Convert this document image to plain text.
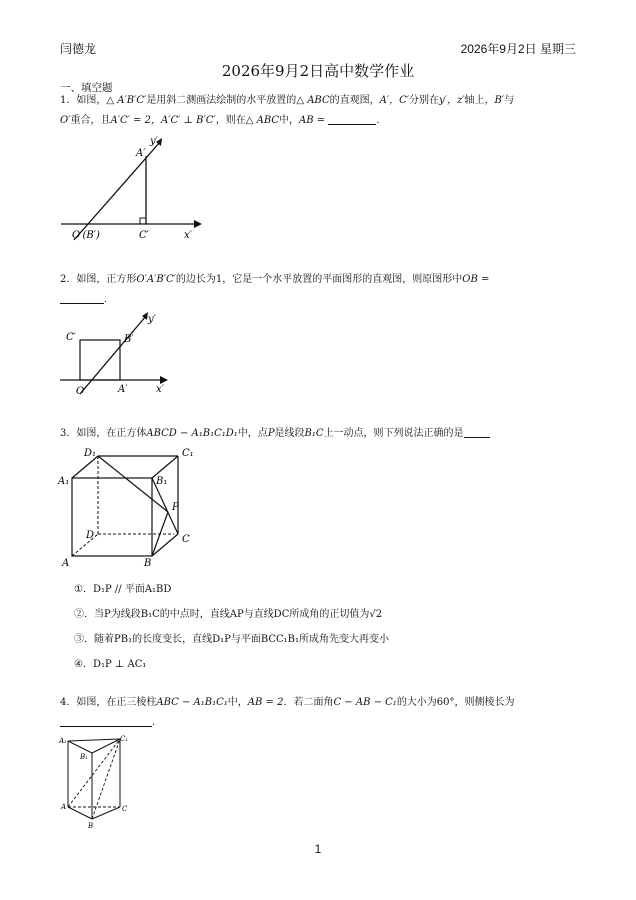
闫德龙	2026年9月2日 星期三
2026年9月2日高中数学作业
一、填空题
1．如图，△ A′B′C′是用斜二测画法绘制的水平放置的△ ABC的直观图，A′，C′分别在y′，z′轴上，B′与
O′重合，且A′C′ = 2，A′C′ ⊥ B′C′，则在△ ABC中，AB =	．
y′
A′
O′(B′)	C′	x′
2．如图，正方形O′A′B′C′的边长为1，它是一个水平放置的平面图形的直观图，则原图形中OB =
．
y′
C′	B′
O′	A′	x′
3．如图，在正方体ABCD − A₁B₁C₁D₁中，点P是线段B₁C上一动点，则下列说法正确的是
D₁	C₁
A₁	B₁
P
D	C
A	B
①．D₁P // 平面A₁BD
②．当P为线段B₁C的中点时，直线AP与直线DC所成角的正切值为√2
③．随着PB₁的长度变长，直线D₁P与平面BCC₁B₁所成角先变大再变小
④．D₁P ⊥ AC₁
4．如图，在正三棱柱ABC − A₁B₁C₁中，AB = 2．若二面角C − AB − C₁的大小为60°，则侧棱长为
．
A₁	C₁
B₁
A	C
B
1
